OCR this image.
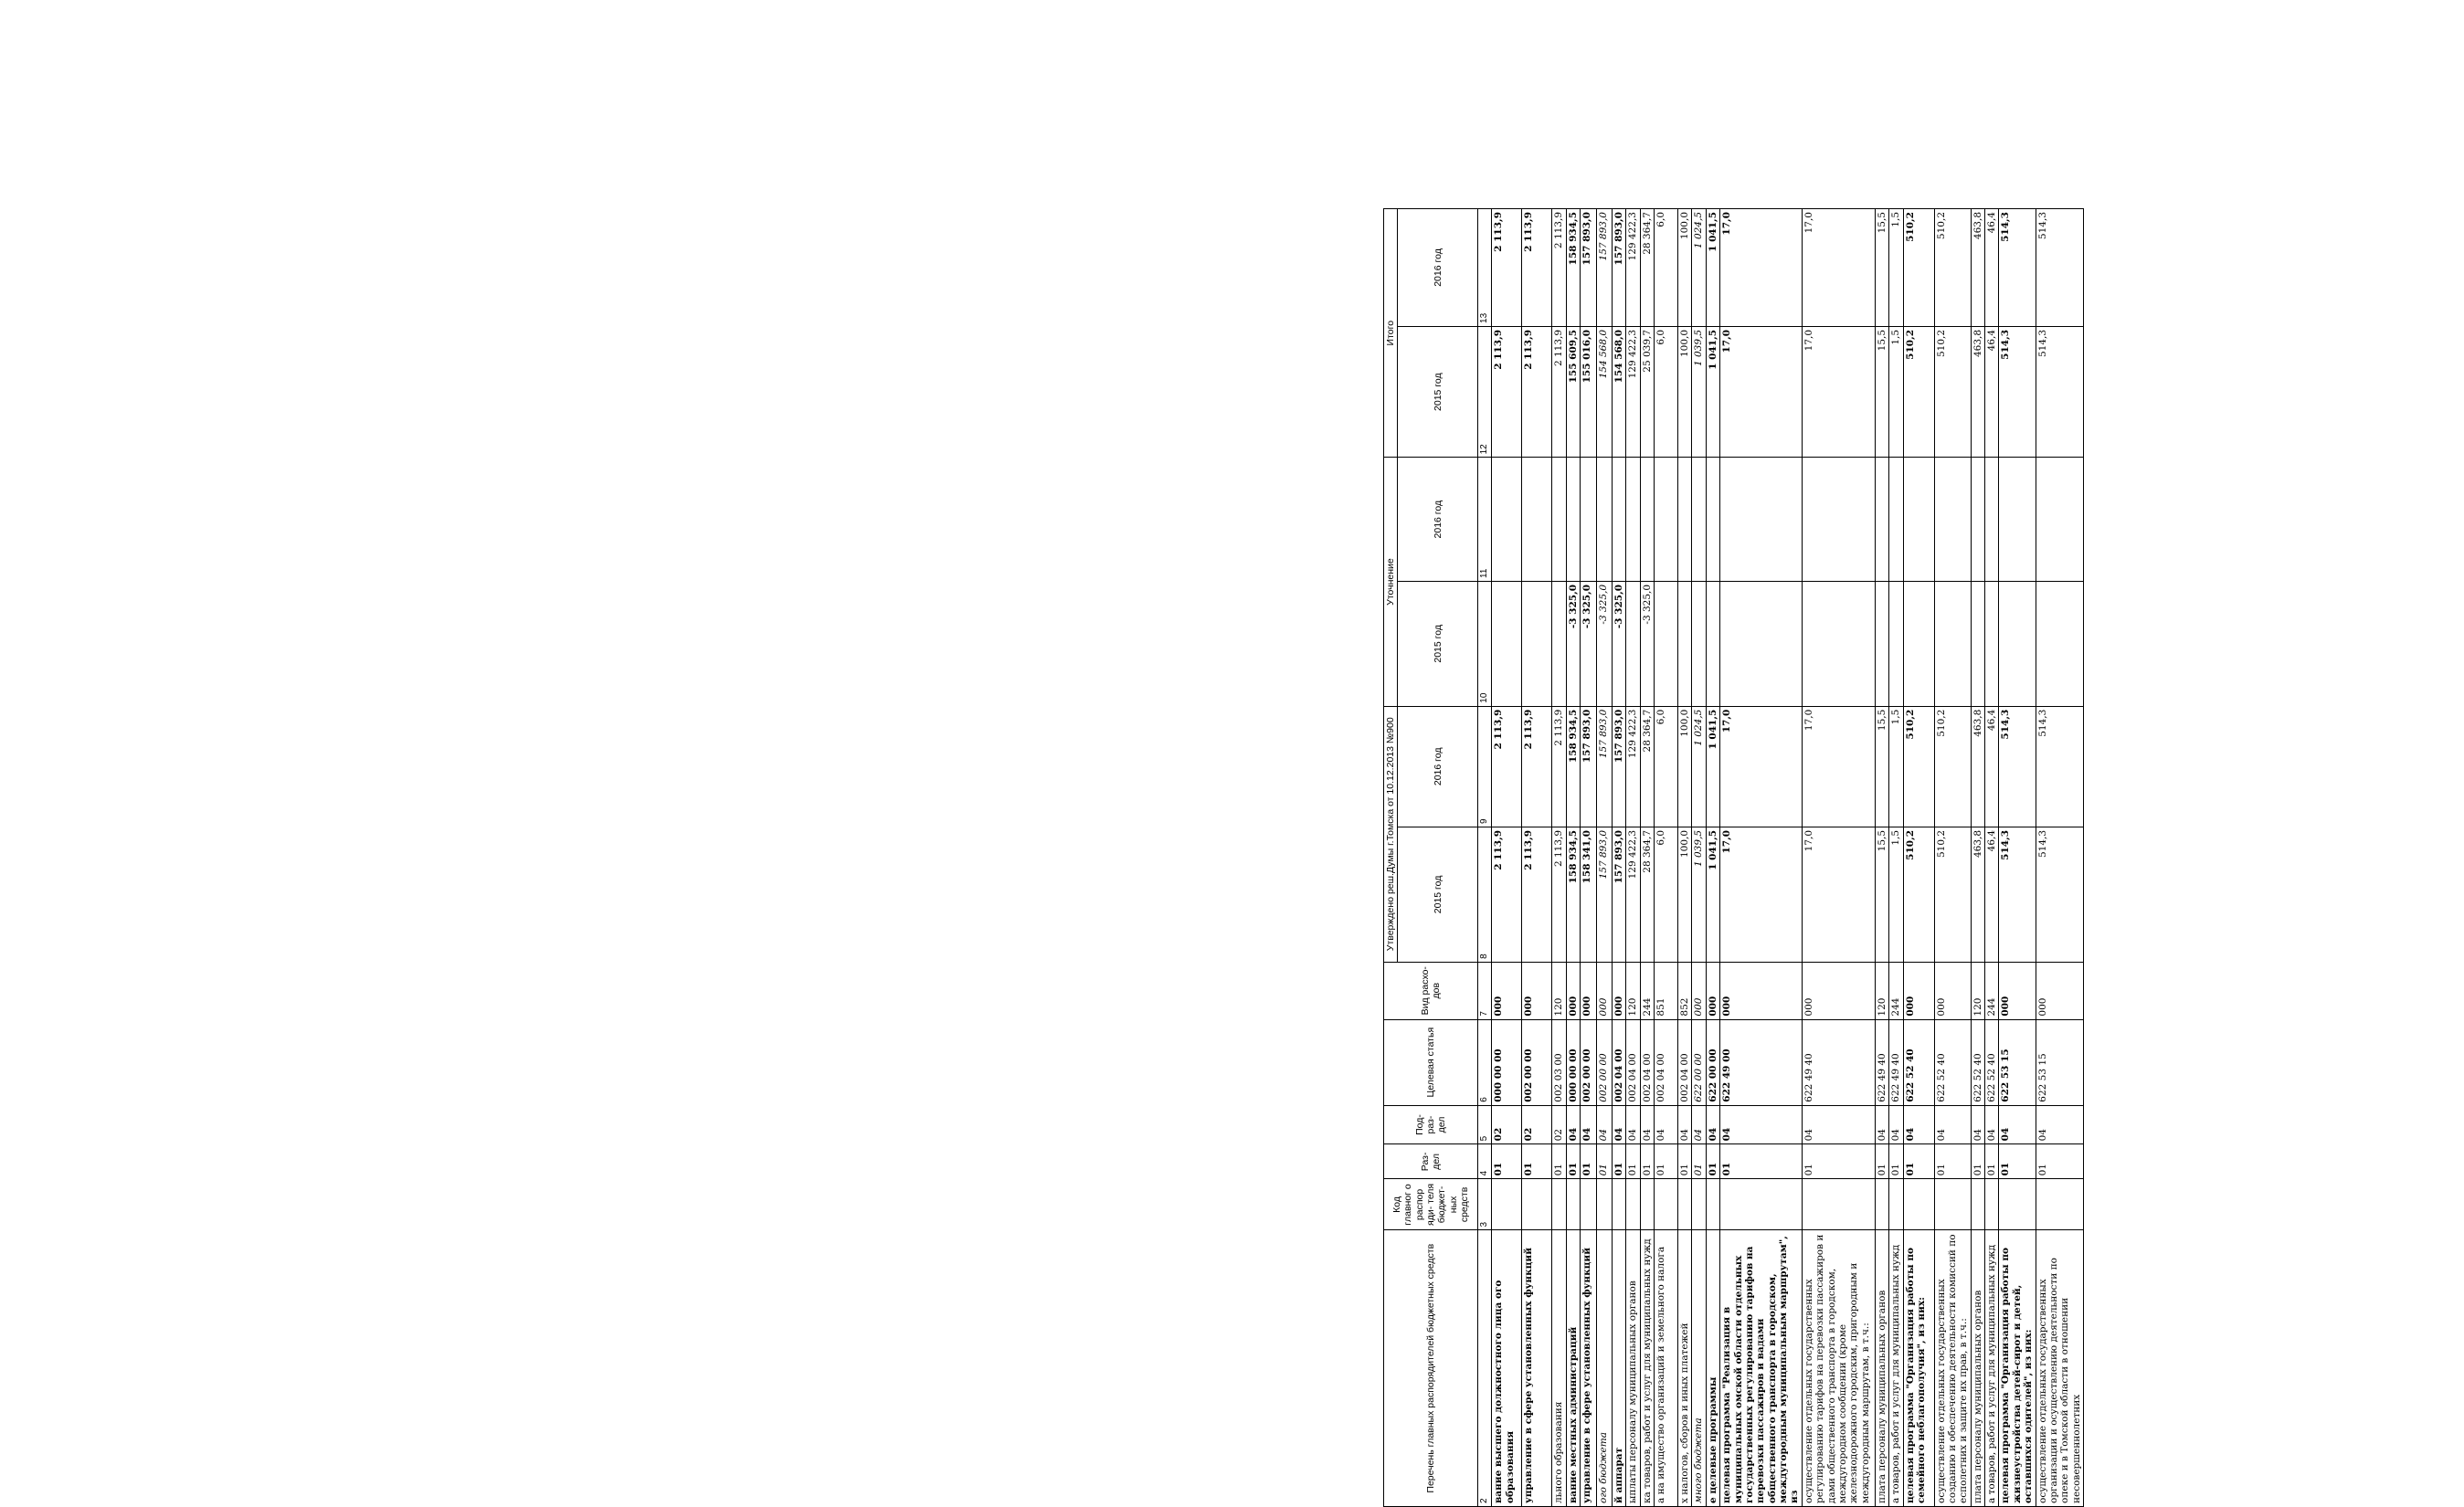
Перечень главных распорядителей бюджетных средств	Код главног о распор яди- теля бюджет- ных средств	Раз- дел	Под- раз- дел	Целевая статья	Вид расхо- дов	Утверждено реш.Думы г.Томска от 10.12.2013 №900		Уточнение		Итого	
						2015 год	2016 год	2015 год	2016 год	2015 год	2016 год
2	3	4	5	6	7	8	9	10	11	12	13
вание высшего должностного лица ого образования		01	02	000 00 00	000	2 113,9	2 113,9			2 113,9	2 113,9
управление в сфере установленных функций		01	02	002 00 00	000	2 113,9	2 113,9			2 113,9	2 113,9
льного образования		01	02	002 03 00	120	2 113,9	2 113,9			2 113,9	2 113,9
вание местных администраций		01	04	000 00 00	000	158 934,5	158 934,5	-3 325,0		155 609,5	158 934,5
управление в сфере установленных функций		01	04	002 00 00	000	158 341,0	157 893,0	-3 325,0		155 016,0	157 893,0
ого бюджета		01	04	002 00 00	000	157 893,0	157 893,0	-3 325,0		154 568,0	157 893,0
й аппарат		01	04	002 04 00	000	157 893,0	157 893,0	-3 325,0		154 568,0	157 893,0
ыплаты персоналу муниципальных органов		01	04	002 04 00	120	129 422,3	129 422,3			129 422,3	129 422,3
ка товаров, работ и услуг для муниципальных нужд		01	04	002 04 00	244	28 364,7	28 364,7	-3 325,0		25 039,7	28 364,7
а на имущество организаций и земельного налога		01	04	002 04 00	851	6,0	6,0			6,0	6,0
х налогов, сборов и иных платежей		01	04	002 04 00	852	100,0	100,0			100,0	100,0
много бюджета		01	04	622 00 00	000	1 039,5	1 024,5			1 039,5	1 024,5
е целевые программы		01	04	622 00 00	000	1 041,5	1 041,5			1 041,5	1 041,5
целевая программа "Реализация в муниципальных омской области отдельных государственных регулированию тарифов на перевозки пассажиров и вадами общественного транспорта в городском, междугородным муниципальным маршрутам", из		01	04	622 49 00	000	17,0	17,0			17,0	17,0
осуществление отдельных государственных регулированию тарифов на перевозки пассажиров и дами общественного транспорта в городском, междугородном сообщении (кроме железнодорожного городским, пригородным и междугородным маршрутам, в т.ч.:		01	04	622 49 40	000	17,0	17,0			17,0	17,0
плата персоналу муниципальных органов		01	04	622 49 40	120	15,5	15,5			15,5	15,5
а товаров, работ и услуг для муниципальных нужд		01	04	622 49 40	244	1,5	1,5			1,5	1,5
целевая программа "Организация работы по семейного неблагополучия", из них:		01	04	622 52 40	000	510,2	510,2			510,2	510,2
осуществление отдельных государственных созданию и обеспечению деятельности комиссий по есполетних и защите их прав, в т.ч.:		01	04	622 52 40	000	510,2	510,2			510,2	510,2
плата персоналу муниципальных органов		01	04	622 52 40	120	463,8	463,8			463,8	463,8
а товаров, работ и услуг для муниципальных нужд		01	04	622 52 40	244	46,4	46,4			46,4	46,4
целевая программа "Организация работы по жизнеустройства детей-сирот и детей, оставшихся одителей", из них:		01	04	622 53 15	000	514,3	514,3			514,3	514,3
осуществление отдельных государственных организации и осуществлению деятельности по опеке и в Томской области в отношении несовершеннолетних		01	04	622 53 15	000	514,3	514,3			514,3	514,3
